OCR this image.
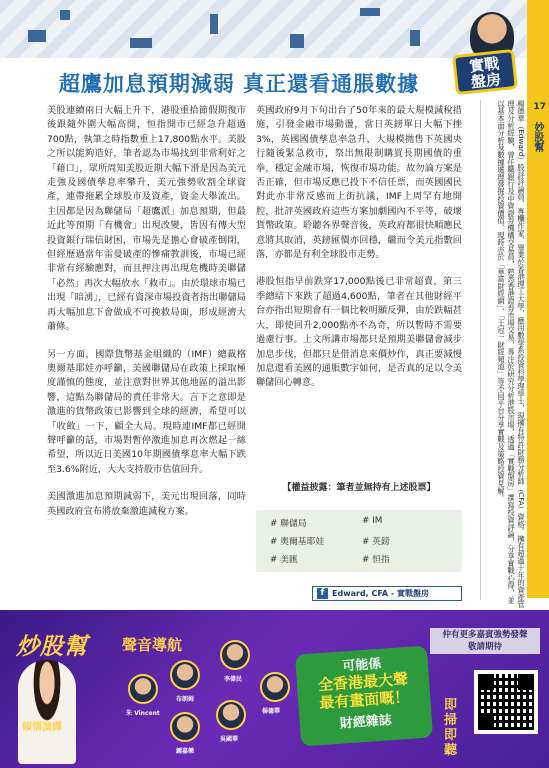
17
妙股幫
實戰
盤房
超鷹加息預期減弱 真正還看通脹數據

美股連續兩日大幅上升下，港股重拾節假期復市後跟隨外圍大幅高開，恒指開市已經急升超過700點，執筆之時指數重上17,800點水平。美股之所以能夠造好，筆者認為市場找到非常利好之「藉口」，眾所周知美股近期大幅下滑是因為美元走強及國債孳息率攀升，美元強勢收割全球資產，連帶拖累全球股市及資產，資金大舉流出。主因都是因為聯儲局「超鷹派」加息預期，但最近此等預期「有機會」出現改變，皆因有傳大型投資銀行瑞信財困，市場先是擔心會破產倒閉，但經歷過當年雷曼破產的慘痛教訓後，市場已經非常有經驗應對，而且押注再出現危機時美聯儲「必然」再次大幅放水「救市」。由於環球市場已出現「暗湧」，已經有資深市場投資者指出聯儲局再大幅加息下會做成不可挽救局面，形成經濟大蕭條。

另一方面，國際貨幣基金組織的（IMF）總裁格奧爾基耶娃亦呼籲，美國聯儲局在政策上採取極度謹慎的態度，並注意對世界其他地區的溢出影響，這點為聯儲局的責任非常大。言下之意即是激進的貨幣政策已影響到全球的經濟，希望可以「收斂」一下，顧全大局。現時連IMF都已經開聲呼籲的話，市場對暫停激進加息再次燃起一絲希望，所以近日美國10年期國債孳息率大幅下跌至3.6%附近，大大支持股市估值回升。

美國激進加息預期減弱下，美元出現回落，同時英國政府宣布將放棄激進減稅方案。

英國政府9月下旬出台了50年來的最大規模減稅措施，引發金融市場動盪，當日英鎊單日大幅下挫3%，英國國債孳息率急升，大規模拋售下英國央行隨後緊急救市，祭出無限制購買長期國債的重拳，穩定金融市場，恢復市場功能。故勿論方案是否正確，但市場反應已投下不信任票，而英國國民對此亦非常反感而上街抗議，IMF上周罕有地開腔，批評英國政府這些方案加劇國內不平等，破壞貨幣政策。聆聽各界聲音後，英政府都很快順應民意將其取消，英鎊匯價亦回穩，繼而令美元指數回落，亦都是有利全球股市走勢。

港股恒指早前跌穿17,000點後已非常超賣，第三季總結下來跌了超過4,600點，筆者在其他財經平台亦指出短期會有一個比較明顯反彈，由於跌幅甚大，即使回升2,000點亦不為奇，所以暫時不需要過慮行事。上文所講市場都只是預期美聯儲會減步加息步伐，但都只是借消息來價炒作，真正要減慢加息還看美國的通脹數字如何，是否真的足以令美聯儲回心轉意。

【權益披露：筆者並無持有上述股票】
# 聯儲局	# IM
# 奧爾基耶娃	# 英鎊
# 美匯	# 恒指
f Edward, CFA - 實戰盤房	楊德華（Edward）股評評論員、專欄作家、畢業於香港理工大學，應用數學系投資科學理學士，現擁有特許財務分析師（CFA）資格。擁有超過十年的資產管理及分析經驗，曾任職銀行及中資證券機構交易員，熟悉香港證券市場交易，專注於研究分析港股市場，透過「實戰盤房」撰寫投資評論，分享實戰心得，並以基本面分析及數據處理發掘投資價值、現時亦於「華富財經網」、「王冠一財經頻道」等不同平台分享實戰及策略投資見解。
炒股幫 聲音導航
傾情演繹
朱 Vincent
布朗姆
李偉民
鍾嘉樂
吳國華
楊德華
可能係
全香港最大聲
最有畫面嘅！
財經雜誌
仲有更多嘉賓強勢發聲
敬請期待
即掃即聽
